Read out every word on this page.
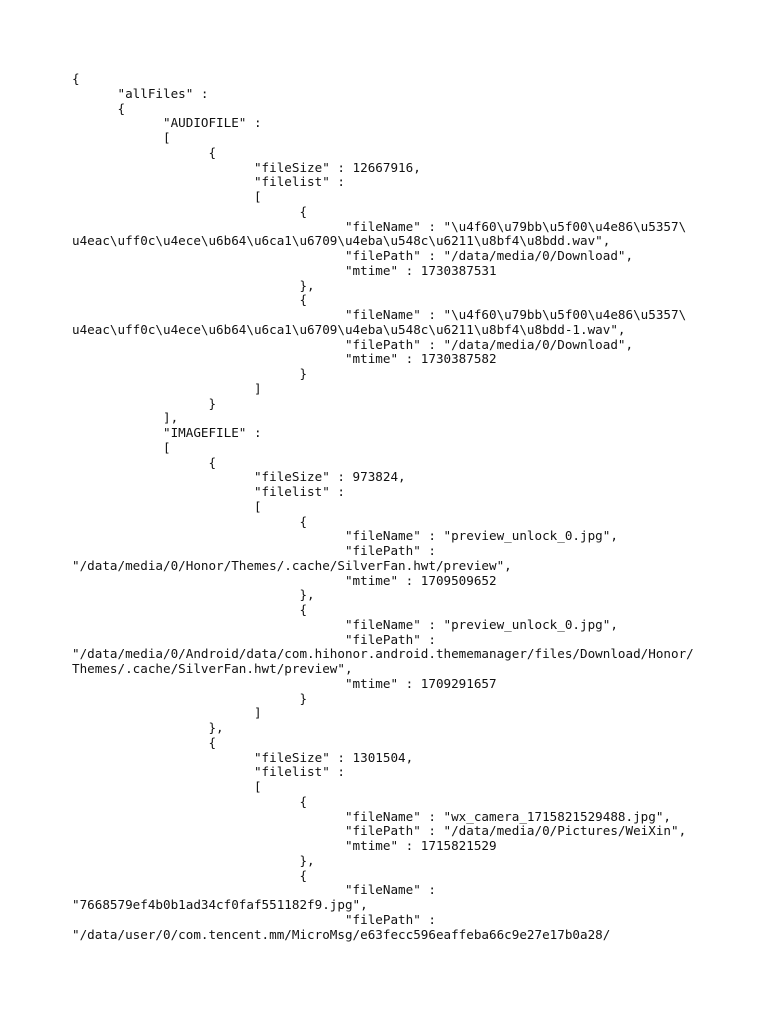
{
"allFiles" :
{
"AUDIOFILE" :
[
{
"fileSize" : 12667916,
"filelist" :
[
{
"fileName" : "\u4f60\u79bb\u5f00\u4e86\u5357\
u4eac\uff0c\u4ece\u6b64\u6ca1\u6709\u4eba\u548c\u6211\u8bf4\u8bdd.wav",
"filePath" : "/data/media/0/Download",
"mtime" : 1730387531
},
{
"fileName" : "\u4f60\u79bb\u5f00\u4e86\u5357\
u4eac\uff0c\u4ece\u6b64\u6ca1\u6709\u4eba\u548c\u6211\u8bf4\u8bdd-1.wav",
"filePath" : "/data/media/0/Download",
"mtime" : 1730387582
}
]
}
],
"IMAGEFILE" :
[
{
"fileSize" : 973824,
"filelist" :
[
{
"fileName" : "preview_unlock_0.jpg",
"filePath" :
"/data/media/0/Honor/Themes/.cache/SilverFan.hwt/preview",
"mtime" : 1709509652
},
{
"fileName" : "preview_unlock_0.jpg",
"filePath" :
"/data/media/0/Android/data/com.hihonor.android.thememanager/files/Download/Honor/
Themes/.cache/SilverFan.hwt/preview",
"mtime" : 1709291657
}
]
},
{
"fileSize" : 1301504,
"filelist" :
[
{
"fileName" : "wx_camera_1715821529488.jpg",
"filePath" : "/data/media/0/Pictures/WeiXin",
"mtime" : 1715821529
},
{
"fileName" :
"7668579ef4b0b1ad34cf0faf551182f9.jpg",
"filePath" :
"/data/user/0/com.tencent.mm/MicroMsg/e63fecc596eaffeba66c9e27e17b0a28/
